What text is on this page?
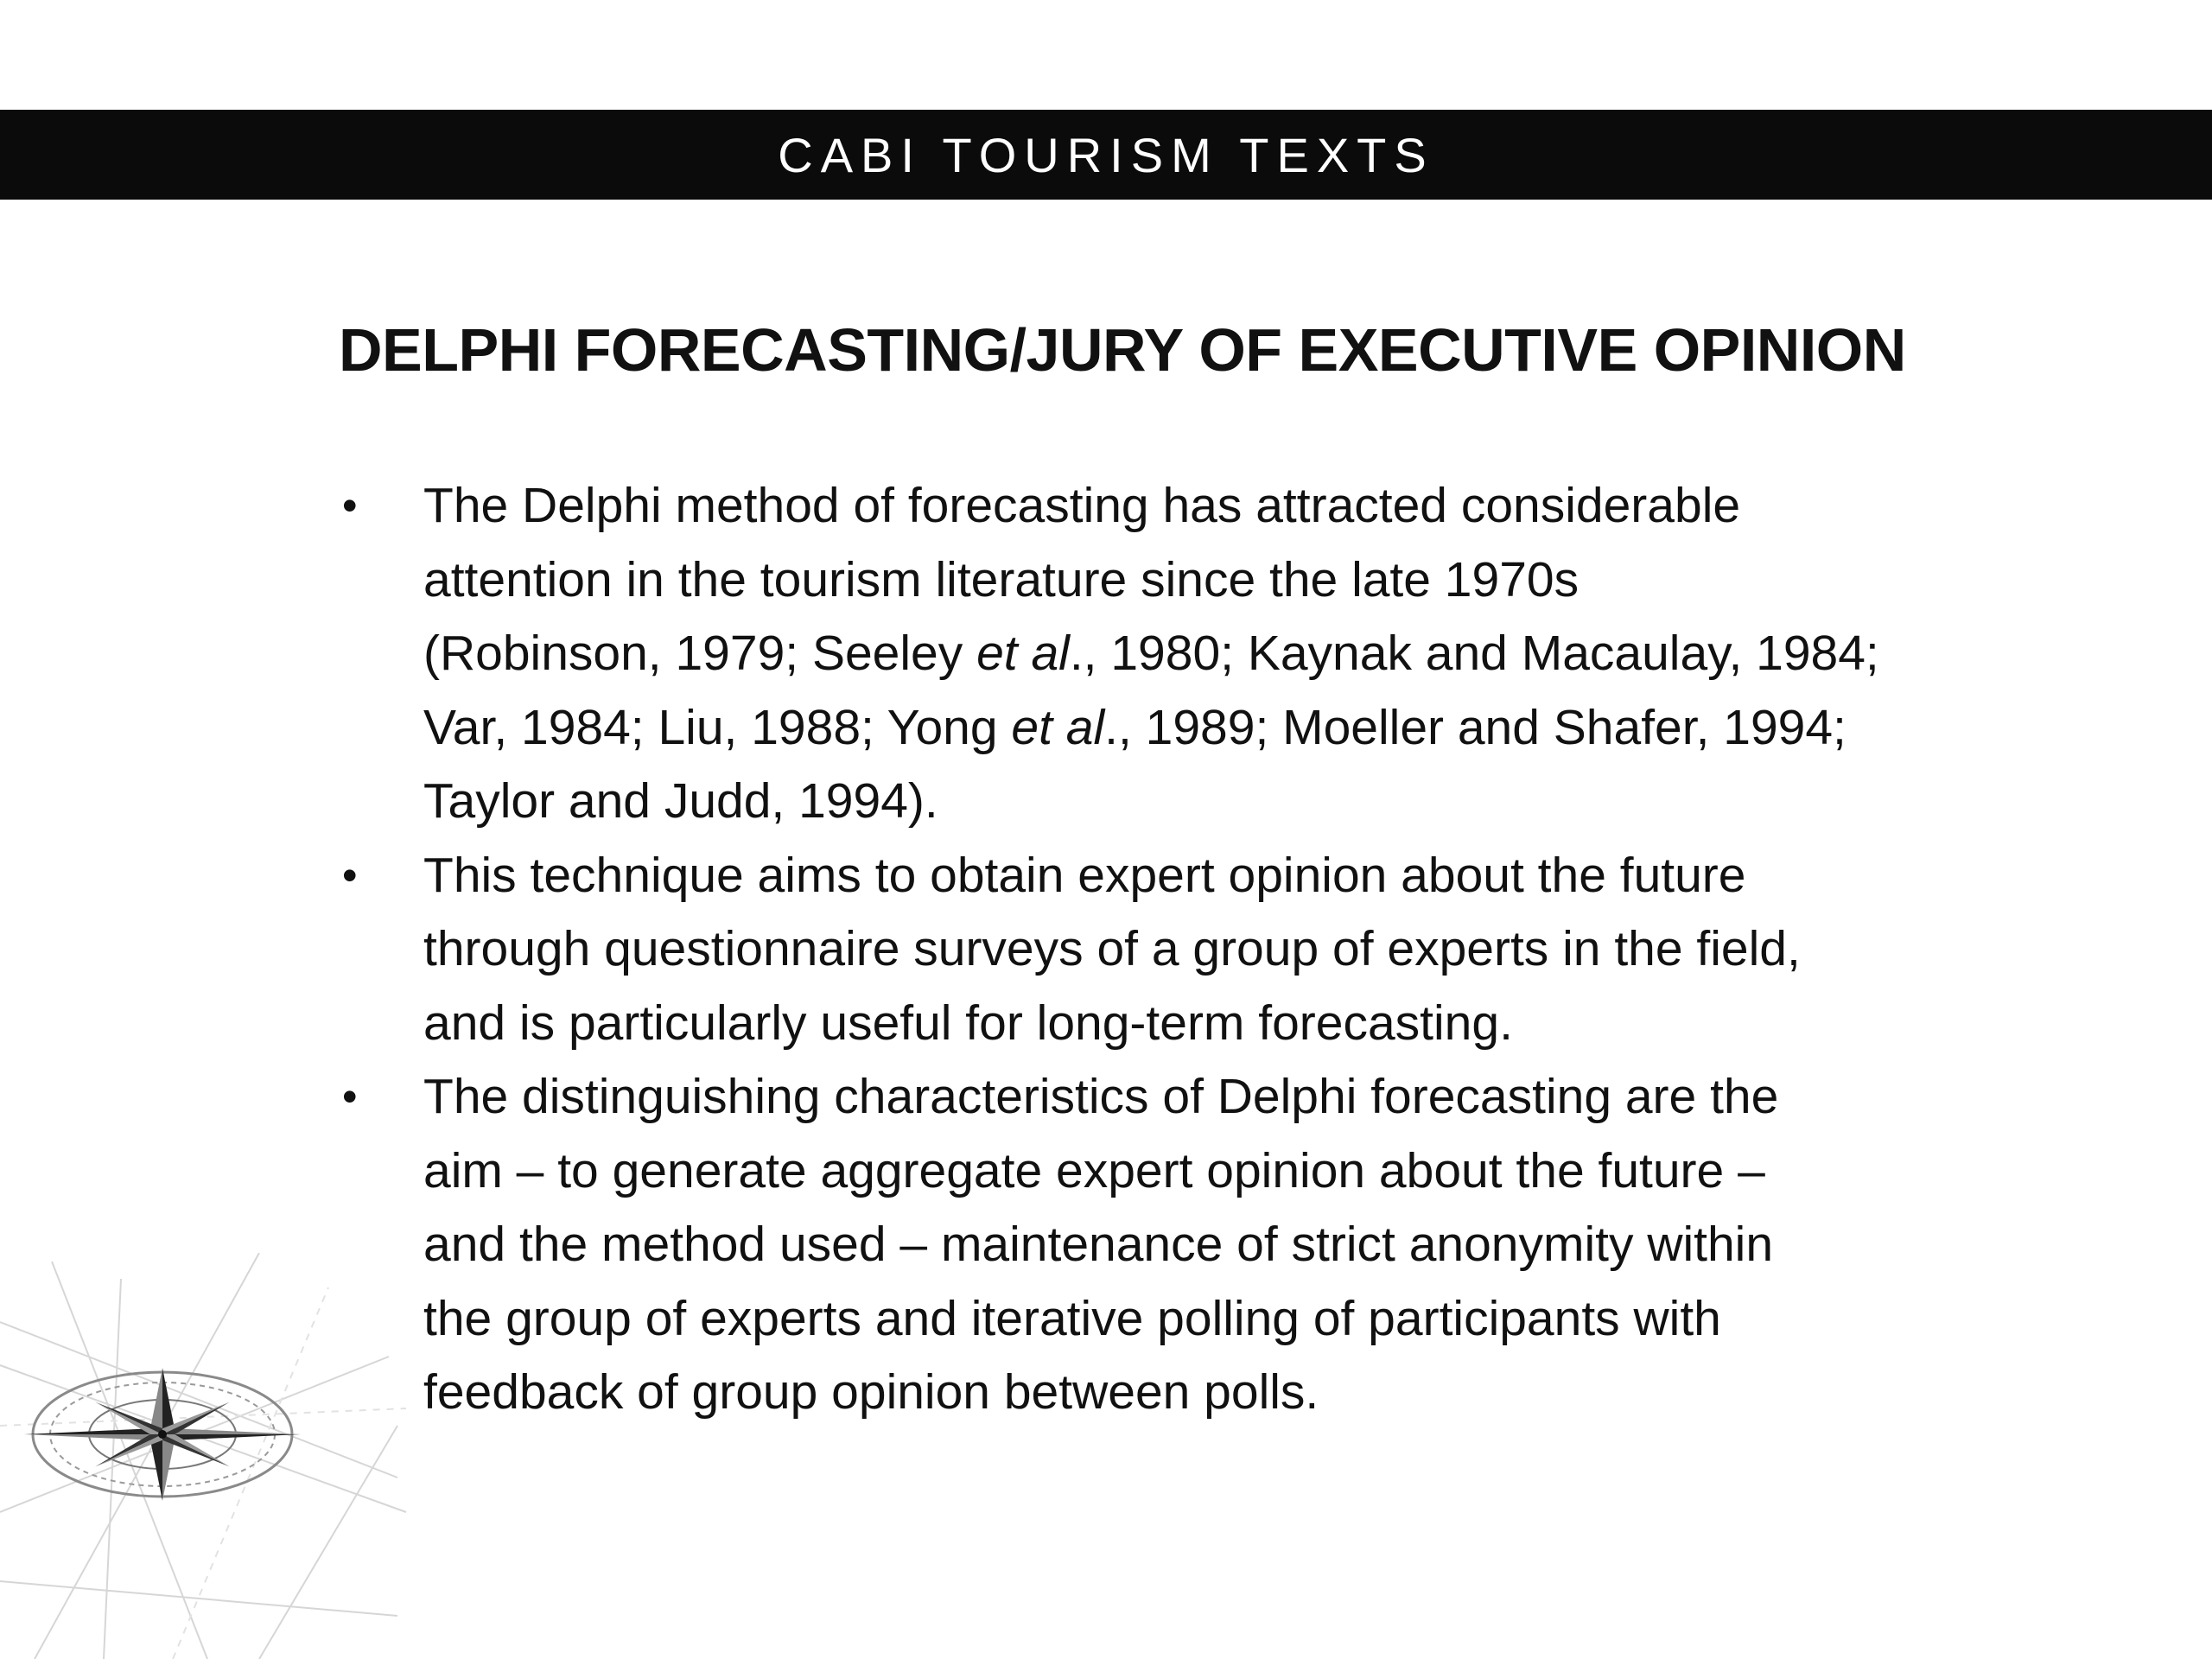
CABI TOURISM TEXTS
DELPHI FORECASTING/JURY OF EXECUTIVE OPINION
• The Delphi method of forecasting has attracted considerable
attention in the tourism literature since the late 1970s
(Robinson, 1979; Seeley et al., 1980; Kaynak and Macaulay, 1984;
Var, 1984; Liu, 1988; Yong et al., 1989; Moeller and Shafer, 1994;
Taylor and Judd, 1994).
• This technique aims to obtain expert opinion about the future
through questionnaire surveys of a group of experts in the field,
and is particularly useful for long-term forecasting.
• The distinguishing characteristics of Delphi forecasting are the
aim – to generate aggregate expert opinion about the future –
and the method used – maintenance of strict anonymity within
the group of experts and iterative polling of participants with
feedback of group opinion between polls.
